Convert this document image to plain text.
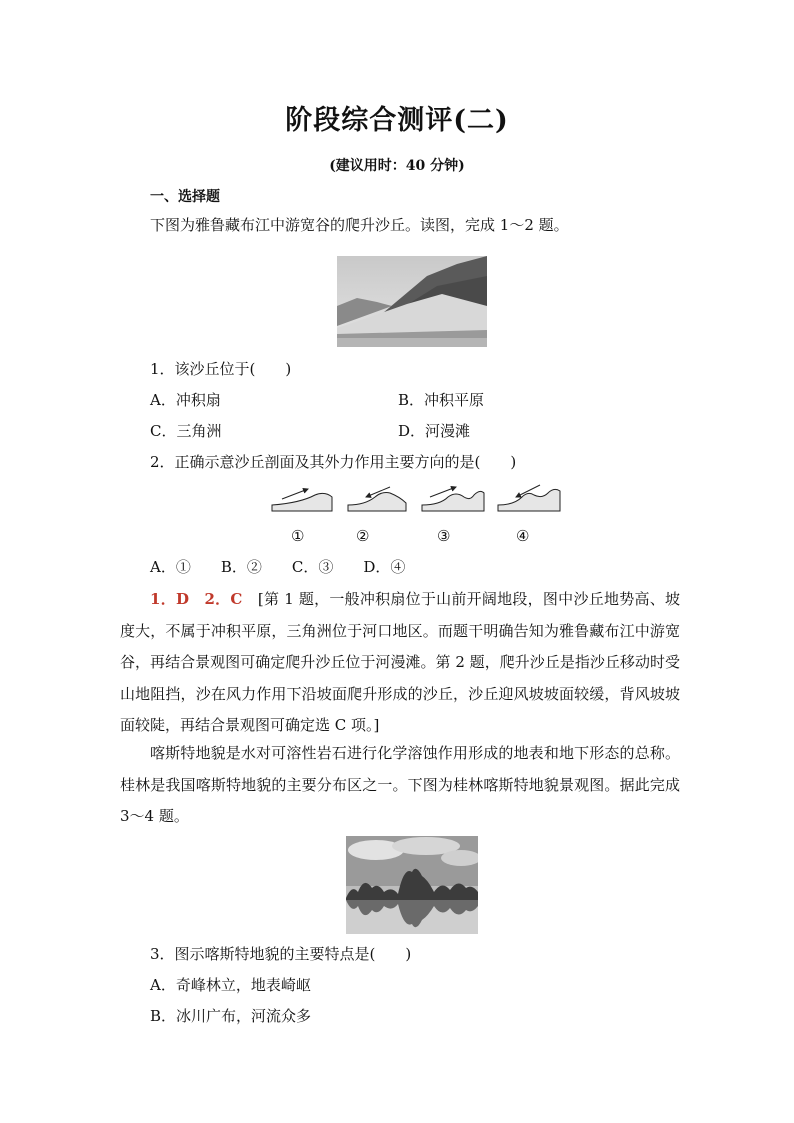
阶段综合测评(二)
(建议用时：40 分钟)
一、选择题
下图为雅鲁藏布江中游宽谷的爬升沙丘。读图，完成 1～2 题。
1．该沙丘位于(　　)
A．冲积扇	B．冲积平原
C．三角洲	D．河漫滩
2．正确示意沙丘剖面及其外力作用主要方向的是(　　)
①	②	③	④
A．①　　B．②　　C．③　　D．④
1．D　2．C　 [第 1 题，一般冲积扇位于山前开阔地段，图中沙丘地势高、坡度大，不属于冲积平原，三角洲位于河口地区。而题干明确告知为雅鲁藏布江中游宽谷，再结合景观图可确定爬升沙丘位于河漫滩。第 2 题，爬升沙丘是指沙丘移动时受山地阻挡，沙在风力作用下沿坡面爬升形成的沙丘，沙丘迎风坡坡面较缓，背风坡坡面较陡，再结合景观图可确定选 C 项。]
喀斯特地貌是水对可溶性岩石进行化学溶蚀作用形成的地表和地下形态的总称。桂林是我国喀斯特地貌的主要分布区之一。下图为桂林喀斯特地貌景观图。据此完成 3～4 题。
3．图示喀斯特地貌的主要特点是(　　)
A．奇峰林立，地表崎岖
B．冰川广布，河流众多
